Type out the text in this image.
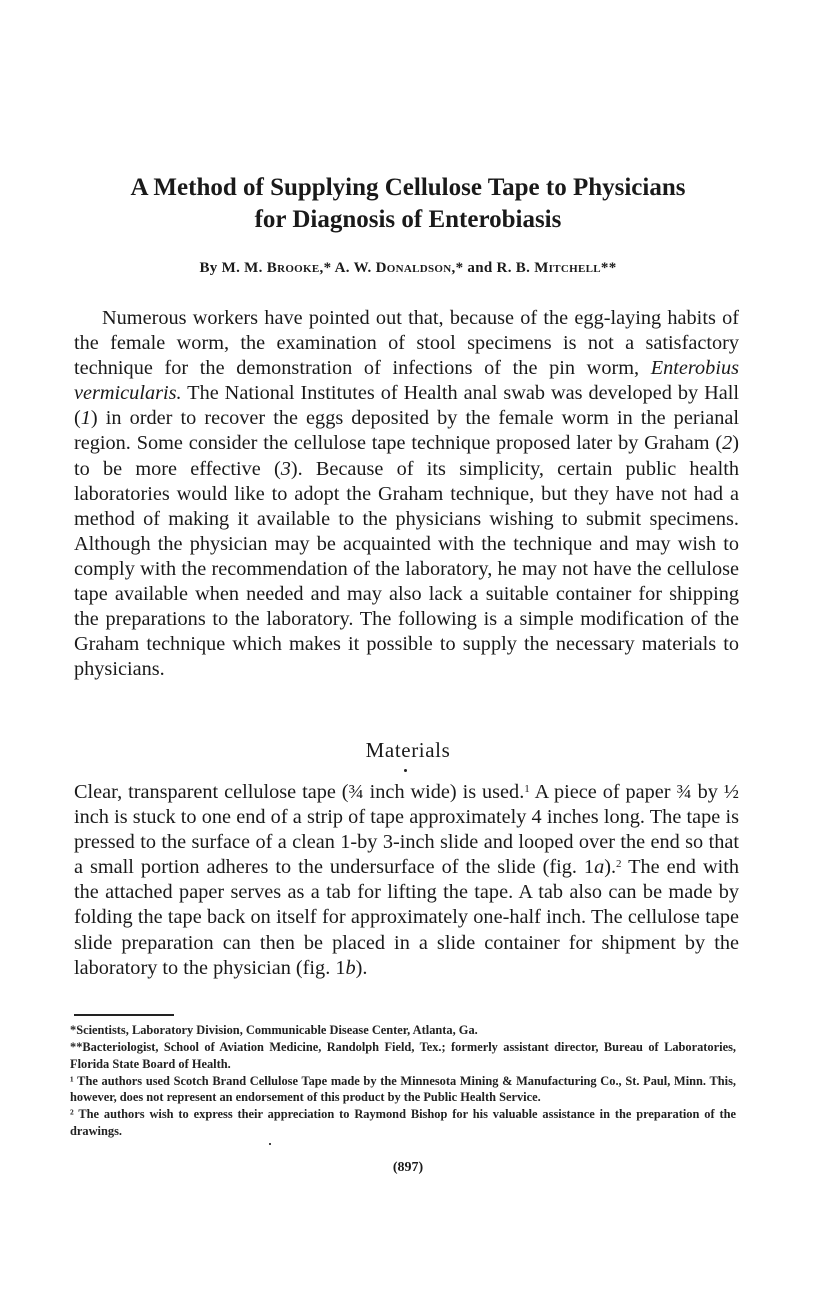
A Method of Supplying Cellulose Tape to Physicians
for Diagnosis of Enterobiasis
By M. M. Brooke,* A. W. Donaldson,* and R. B. Mitchell**

Numerous workers have pointed out that, because of the egg-laying habits of the female worm, the examination of stool specimens is not a satisfactory technique for the demonstration of infections of the pin worm, Enterobius vermicularis. The National Institutes of Health anal swab was developed by Hall (1) in order to recover the eggs deposited by the female worm in the perianal region. Some consider the cellulose tape technique proposed later by Graham (2) to be more effective (3). Because of its simplicity, certain public health laboratories would like to adopt the Graham technique, but they have not had a method of making it available to the physicians wishing to submit specimens. Although the physician may be acquainted with the technique and may wish to comply with the recommendation of the laboratory, he may not have the cellulose tape available when needed and may also lack a suitable container for shipping the preparations to the laboratory. The following is a simple modification of the Graham technique which makes it possible to supply the necessary materials to physicians.

Materials

Clear, transparent cellulose tape (¾ inch wide) is used.$^1$ A piece of paper ¾ by ½ inch is stuck to one end of a strip of tape approximately 4 inches long. The tape is pressed to the surface of a clean 1-by 3-inch slide and looped over the end so that a small portion adheres to the undersurface of the slide (fig. 1a).$^2$ The end with the attached paper serves as a tab for lifting the tape. A tab also can be made by folding the tape back on itself for approximately one-half inch. The cellulose tape slide preparation can then be placed in a slide container for shipment by the laboratory to the physician (fig. 1b).

*Scientists, Laboratory Division, Communicable Disease Center, Atlanta, Ga.

**Bacteriologist, School of Aviation Medicine, Randolph Field, Tex.; formerly assistant director, Bureau of Laboratories, Florida State Board of Health.

¹ The authors used Scotch Brand Cellulose Tape made by the Minnesota Mining & Manufacturing Co., St. Paul, Minn. This, however, does not represent an endorsement of this product by the Public Health Service.

² The authors wish to express their appreciation to Raymond Bishop for his valuable assistance in the preparation of the drawings.

(897)
